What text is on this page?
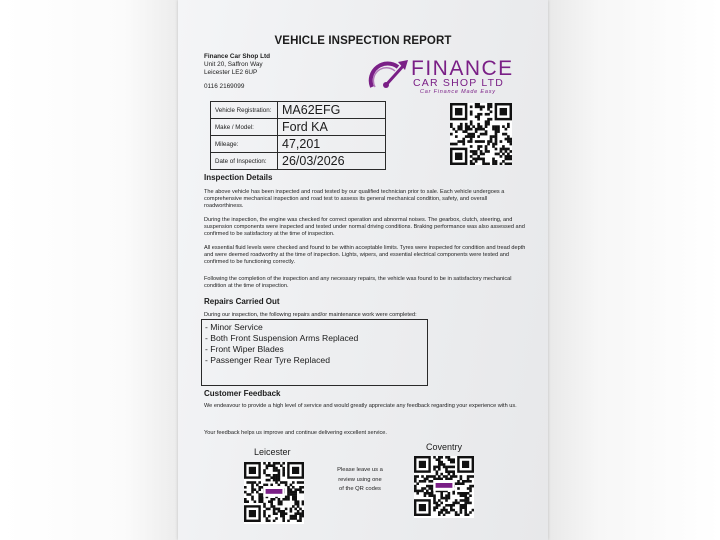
VEHICLE INSPECTION REPORT
Finance Car Shop Ltd
Unit 20, Saffron Way
Leicester LE2 6UP
0116 2169099
FINANCE
CAR SHOP LTD
Car Finance Made Easy
Vehicle Registration:	MA62EFG
Make / Model:	Ford KA
Mileage:	47,201
Date of Inspection:	26/03/2026
Inspection Details
The above vehicle has been inspected and road tested by our qualified technician prior to sale. Each vehicle undergoes a comprehensive mechanical inspection and road test to assess its general mechanical condition, safety, and overall roadworthiness.
During the inspection, the engine was checked for correct operation and abnormal noises. The gearbox, clutch, steering, and suspension components were inspected and tested under normal driving conditions. Braking performance was also assessed and confirmed to be satisfactory at the time of inspection.
All essential fluid levels were checked and found to be within acceptable limits. Tyres were inspected for condition and tread depth and were deemed roadworthy at the time of inspection. Lights, wipers, and essential electrical components were tested and confirmed to be functioning correctly.
Following the completion of the inspection and any necessary repairs, the vehicle was found to be in satisfactory mechanical condition at the time of inspection.
Repairs Carried Out
During our inspection, the following repairs and/or maintenance work were completed:
- Minor Service
- Both Front Suspension Arms Replaced
- Front Wiper Blades
- Passenger Rear Tyre Replaced
Customer Feedback
We endeavour to provide a high level of service and would greatly appreciate any feedback regarding your experience with us.
Your feedback helps us improve and continue delivering excellent service.
Leicester	Coventry
Please leave us a
review using one
of the QR codes
